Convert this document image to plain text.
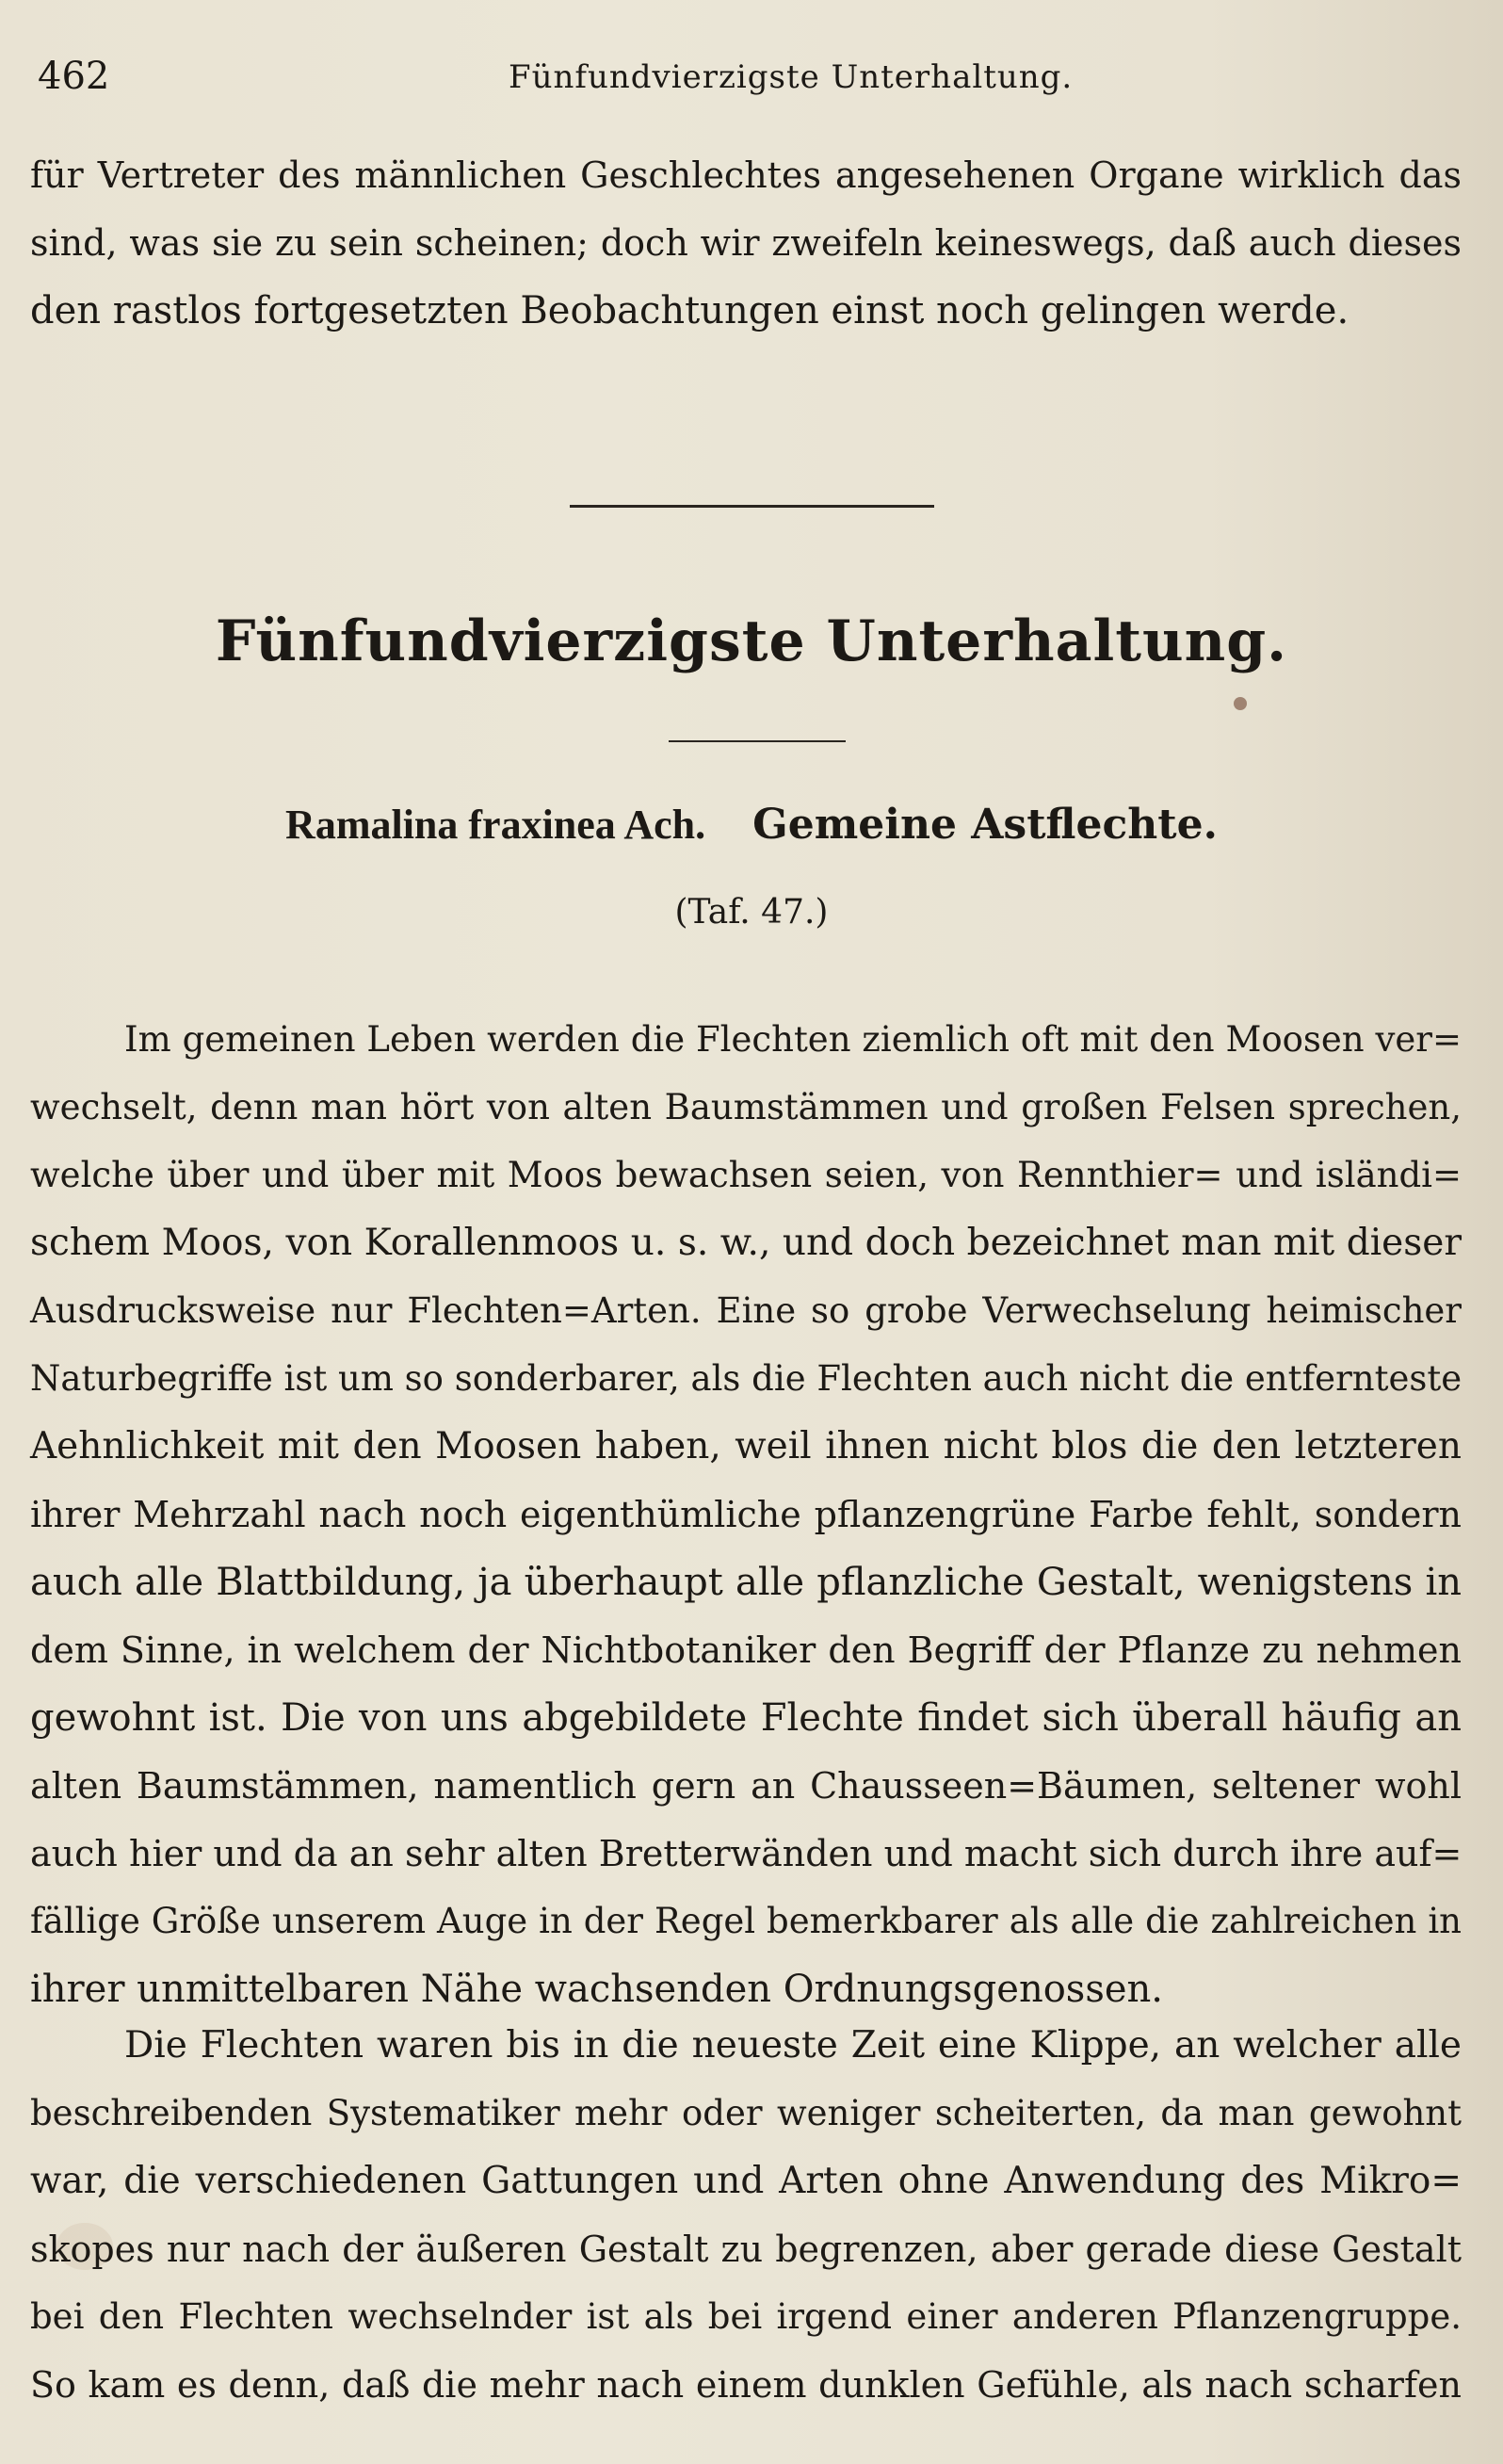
462	Fünfundvierzigste Unterhaltung.
für Vertreter des männlichen Geschlechtes angesehenen Organe wirklich das
sind, was sie zu sein scheinen; doch wir zweifeln keineswegs, daß auch dieses
den rastlos fortgesetzten Beobachtungen einst noch gelingen werde.
Fünfundvierzigste Unterhaltung.
Ramalina fraxinea Ach. Gemeine Astflechte.
(Taf. 47.)
Im gemeinen Leben werden die Flechten ziemlich oft mit den Moosen ver=
wechselt, denn man hört von alten Baumstämmen und großen Felsen sprechen,
welche über und über mit Moos bewachsen seien, von Rennthier= und isländi=
schem Moos, von Korallenmoos u. s. w., und doch bezeichnet man mit dieser
Ausdrucksweise nur Flechten=Arten. Eine so grobe Verwechselung heimischer
Naturbegriffe ist um so sonderbarer, als die Flechten auch nicht die entfernteste
Aehnlichkeit mit den Moosen haben, weil ihnen nicht blos die den letzteren
ihrer Mehrzahl nach noch eigenthümliche pflanzengrüne Farbe fehlt, sondern
auch alle Blattbildung, ja überhaupt alle pflanzliche Gestalt, wenigstens in
dem Sinne, in welchem der Nichtbotaniker den Begriff der Pflanze zu nehmen
gewohnt ist. Die von uns abgebildete Flechte findet sich überall häufig an
alten Baumstämmen, namentlich gern an Chausseen=Bäumen, seltener wohl
auch hier und da an sehr alten Bretterwänden und macht sich durch ihre auf=
fällige Größe unserem Auge in der Regel bemerkbarer als alle die zahlreichen in
ihrer unmittelbaren Nähe wachsenden Ordnungsgenossen.
Die Flechten waren bis in die neueste Zeit eine Klippe, an welcher alle
beschreibenden Systematiker mehr oder weniger scheiterten, da man gewohnt
war, die verschiedenen Gattungen und Arten ohne Anwendung des Mikro=
skopes nur nach der äußeren Gestalt zu begrenzen, aber gerade diese Gestalt
bei den Flechten wechselnder ist als bei irgend einer anderen Pflanzengruppe.
So kam es denn, daß die mehr nach einem dunklen Gefühle, als nach scharfen
